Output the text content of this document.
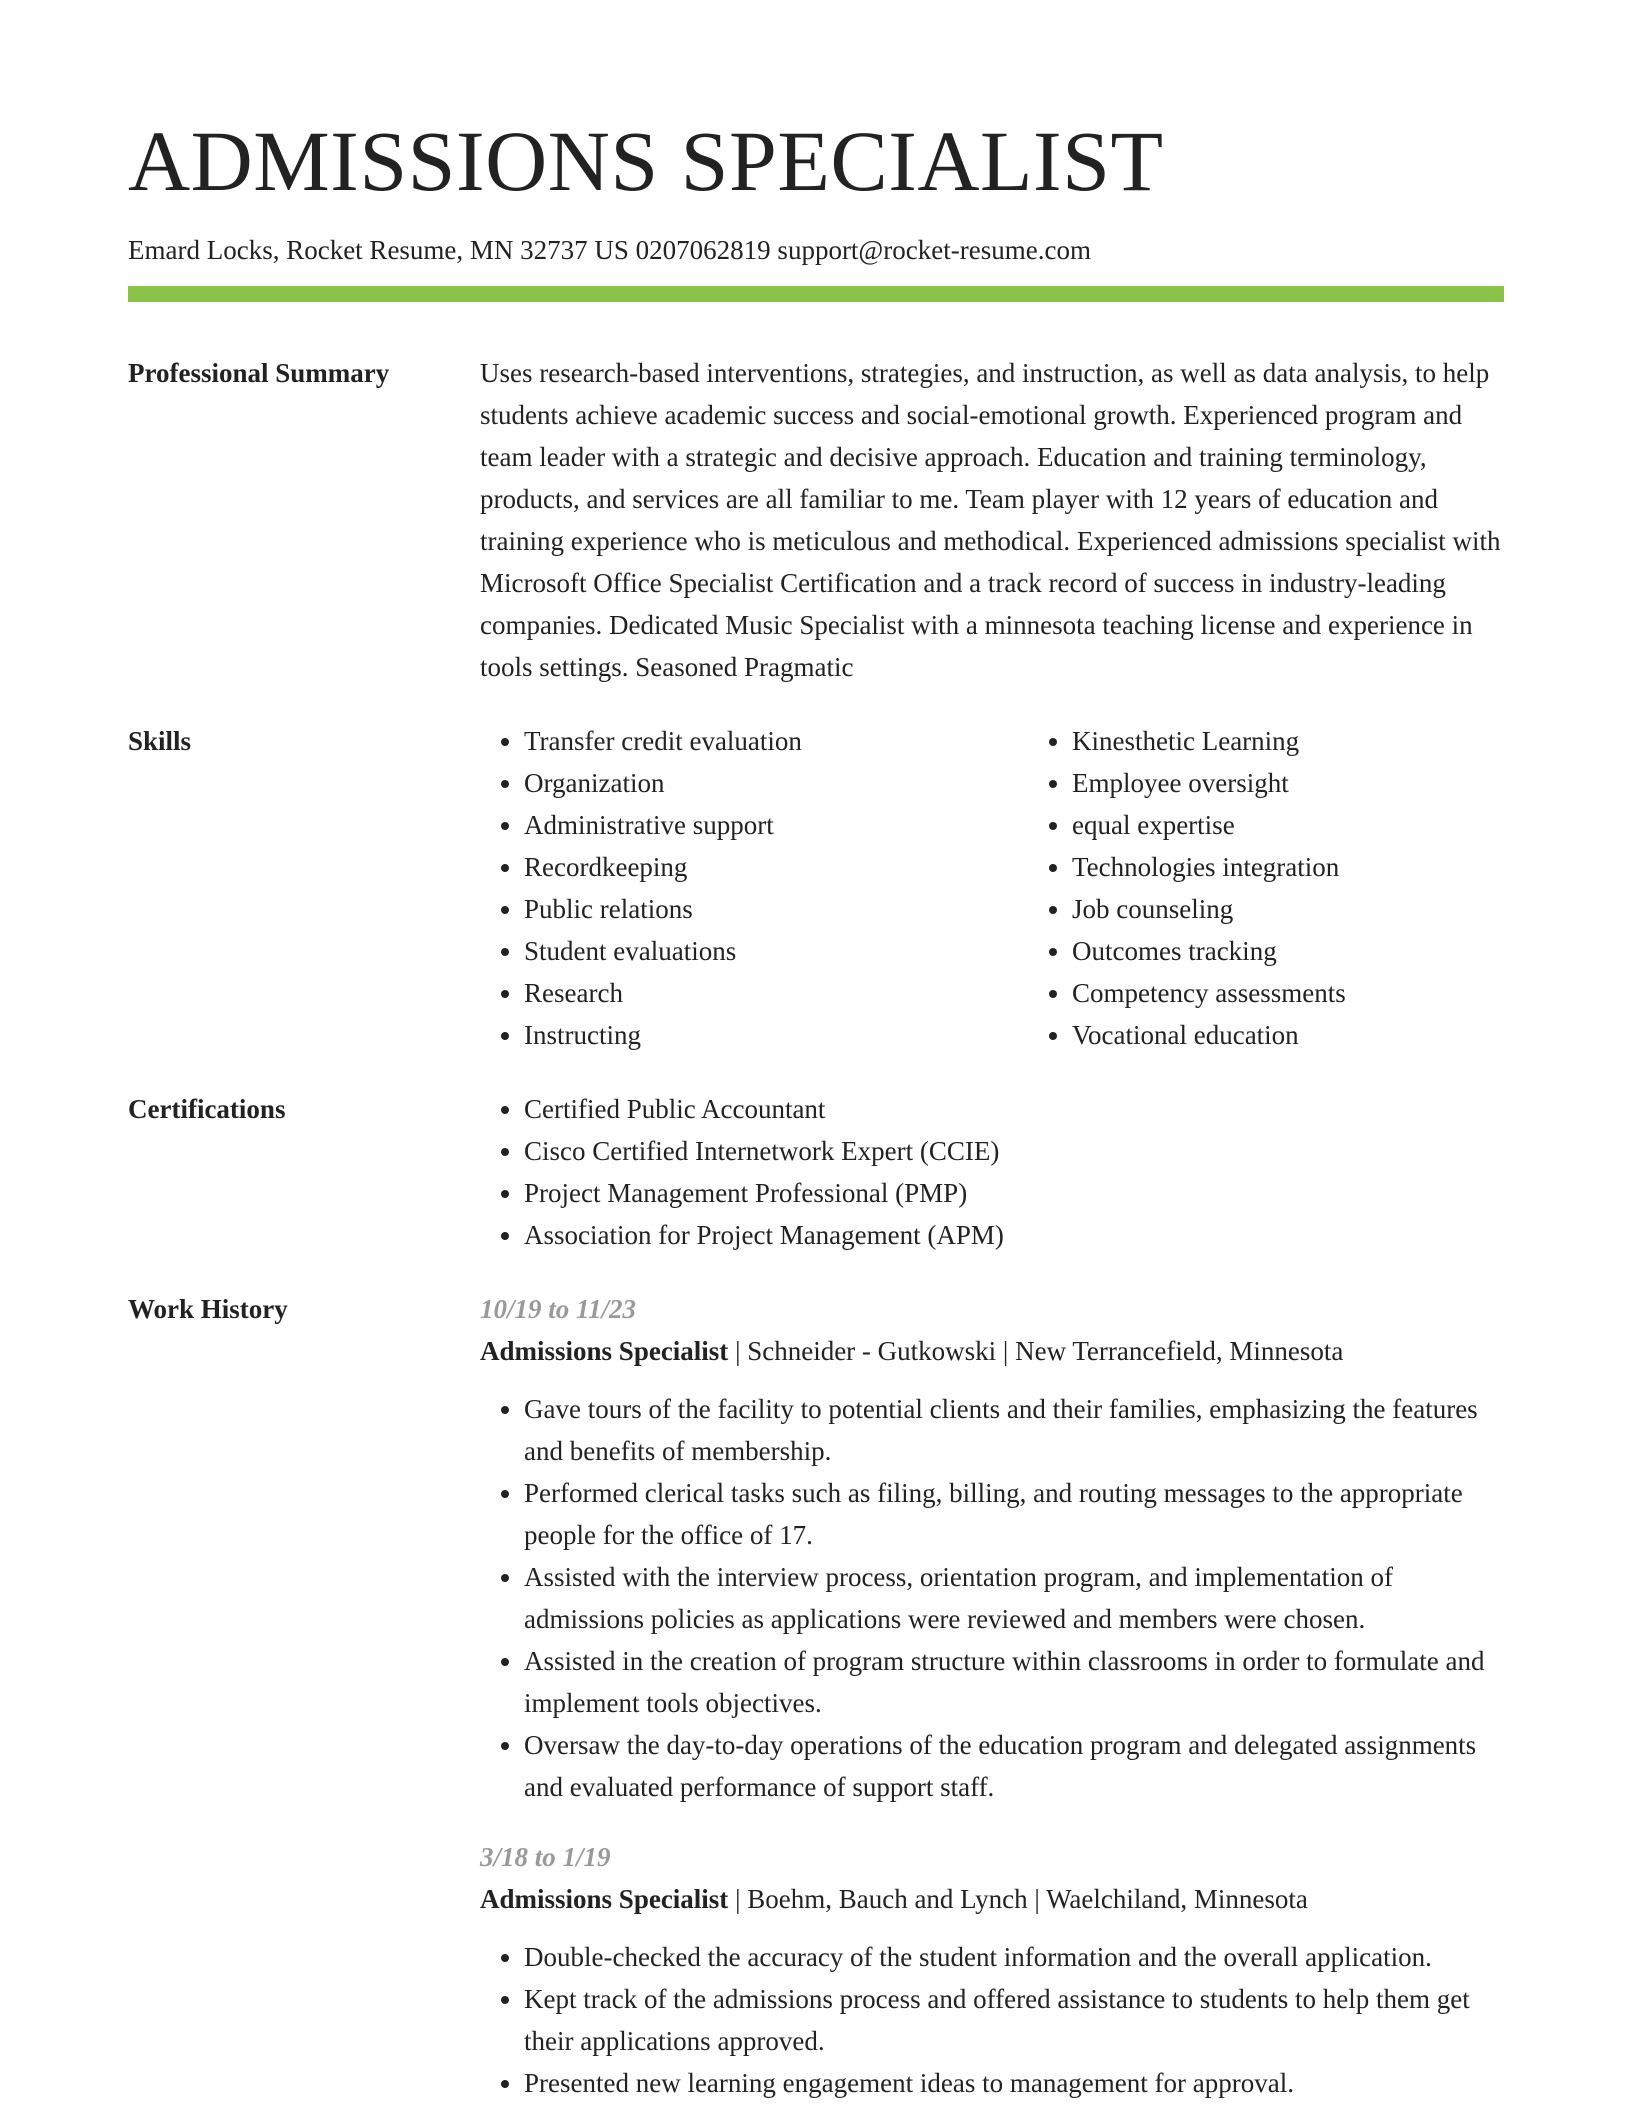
ADMISSIONS SPECIALIST
Emard Locks, Rocket Resume, MN 32737 US 0207062819 support@rocket-resume.com
Professional Summary	Uses research-based interventions, strategies, and instruction, as well as data analysis, to help students achieve academic success and social-emotional growth. Experienced program and team leader with a strategic and decisive approach. Education and training terminology, products, and services are all familiar to me. Team player with 12 years of education and training experience who is meticulous and methodical. Experienced admissions specialist with Microsoft Office Specialist Certification and a track record of success in industry-leading companies. Dedicated Music Specialist with a minnesota teaching license and experience in tools settings. Seasoned Pragmatic
Skills	• Transfer credit evaluation
• Organization
• Administrative support
• Recordkeeping
• Public relations
• Student evaluations
• Research
• Instructing
• Kinesthetic Learning
• Employee oversight
• equal expertise
• Technologies integration
• Job counseling
• Outcomes tracking
• Competency assessments
• Vocational education
Certifications	• Certified Public Accountant
• Cisco Certified Internetwork Expert (CCIE)
• Project Management Professional (PMP)
• Association for Project Management (APM)
Work History	10/19 to 11/23
Admissions Specialist | Schneider - Gutkowski | New Terrancefield, Minnesota
• Gave tours of the facility to potential clients and their families, emphasizing the features and benefits of membership.
• Performed clerical tasks such as filing, billing, and routing messages to the appropriate people for the office of 17.
• Assisted with the interview process, orientation program, and implementation of admissions policies as applications were reviewed and members were chosen.
• Assisted in the creation of program structure within classrooms in order to formulate and implement tools objectives.
• Oversaw the day-to-day operations of the education program and delegated assignments and evaluated performance of support staff.
3/18 to 1/19
Admissions Specialist | Boehm, Bauch and Lynch | Waelchiland, Minnesota
• Double-checked the accuracy of the student information and the overall application.
• Kept track of the admissions process and offered assistance to students to help them get their applications approved.
• Presented new learning engagement ideas to management for approval.
